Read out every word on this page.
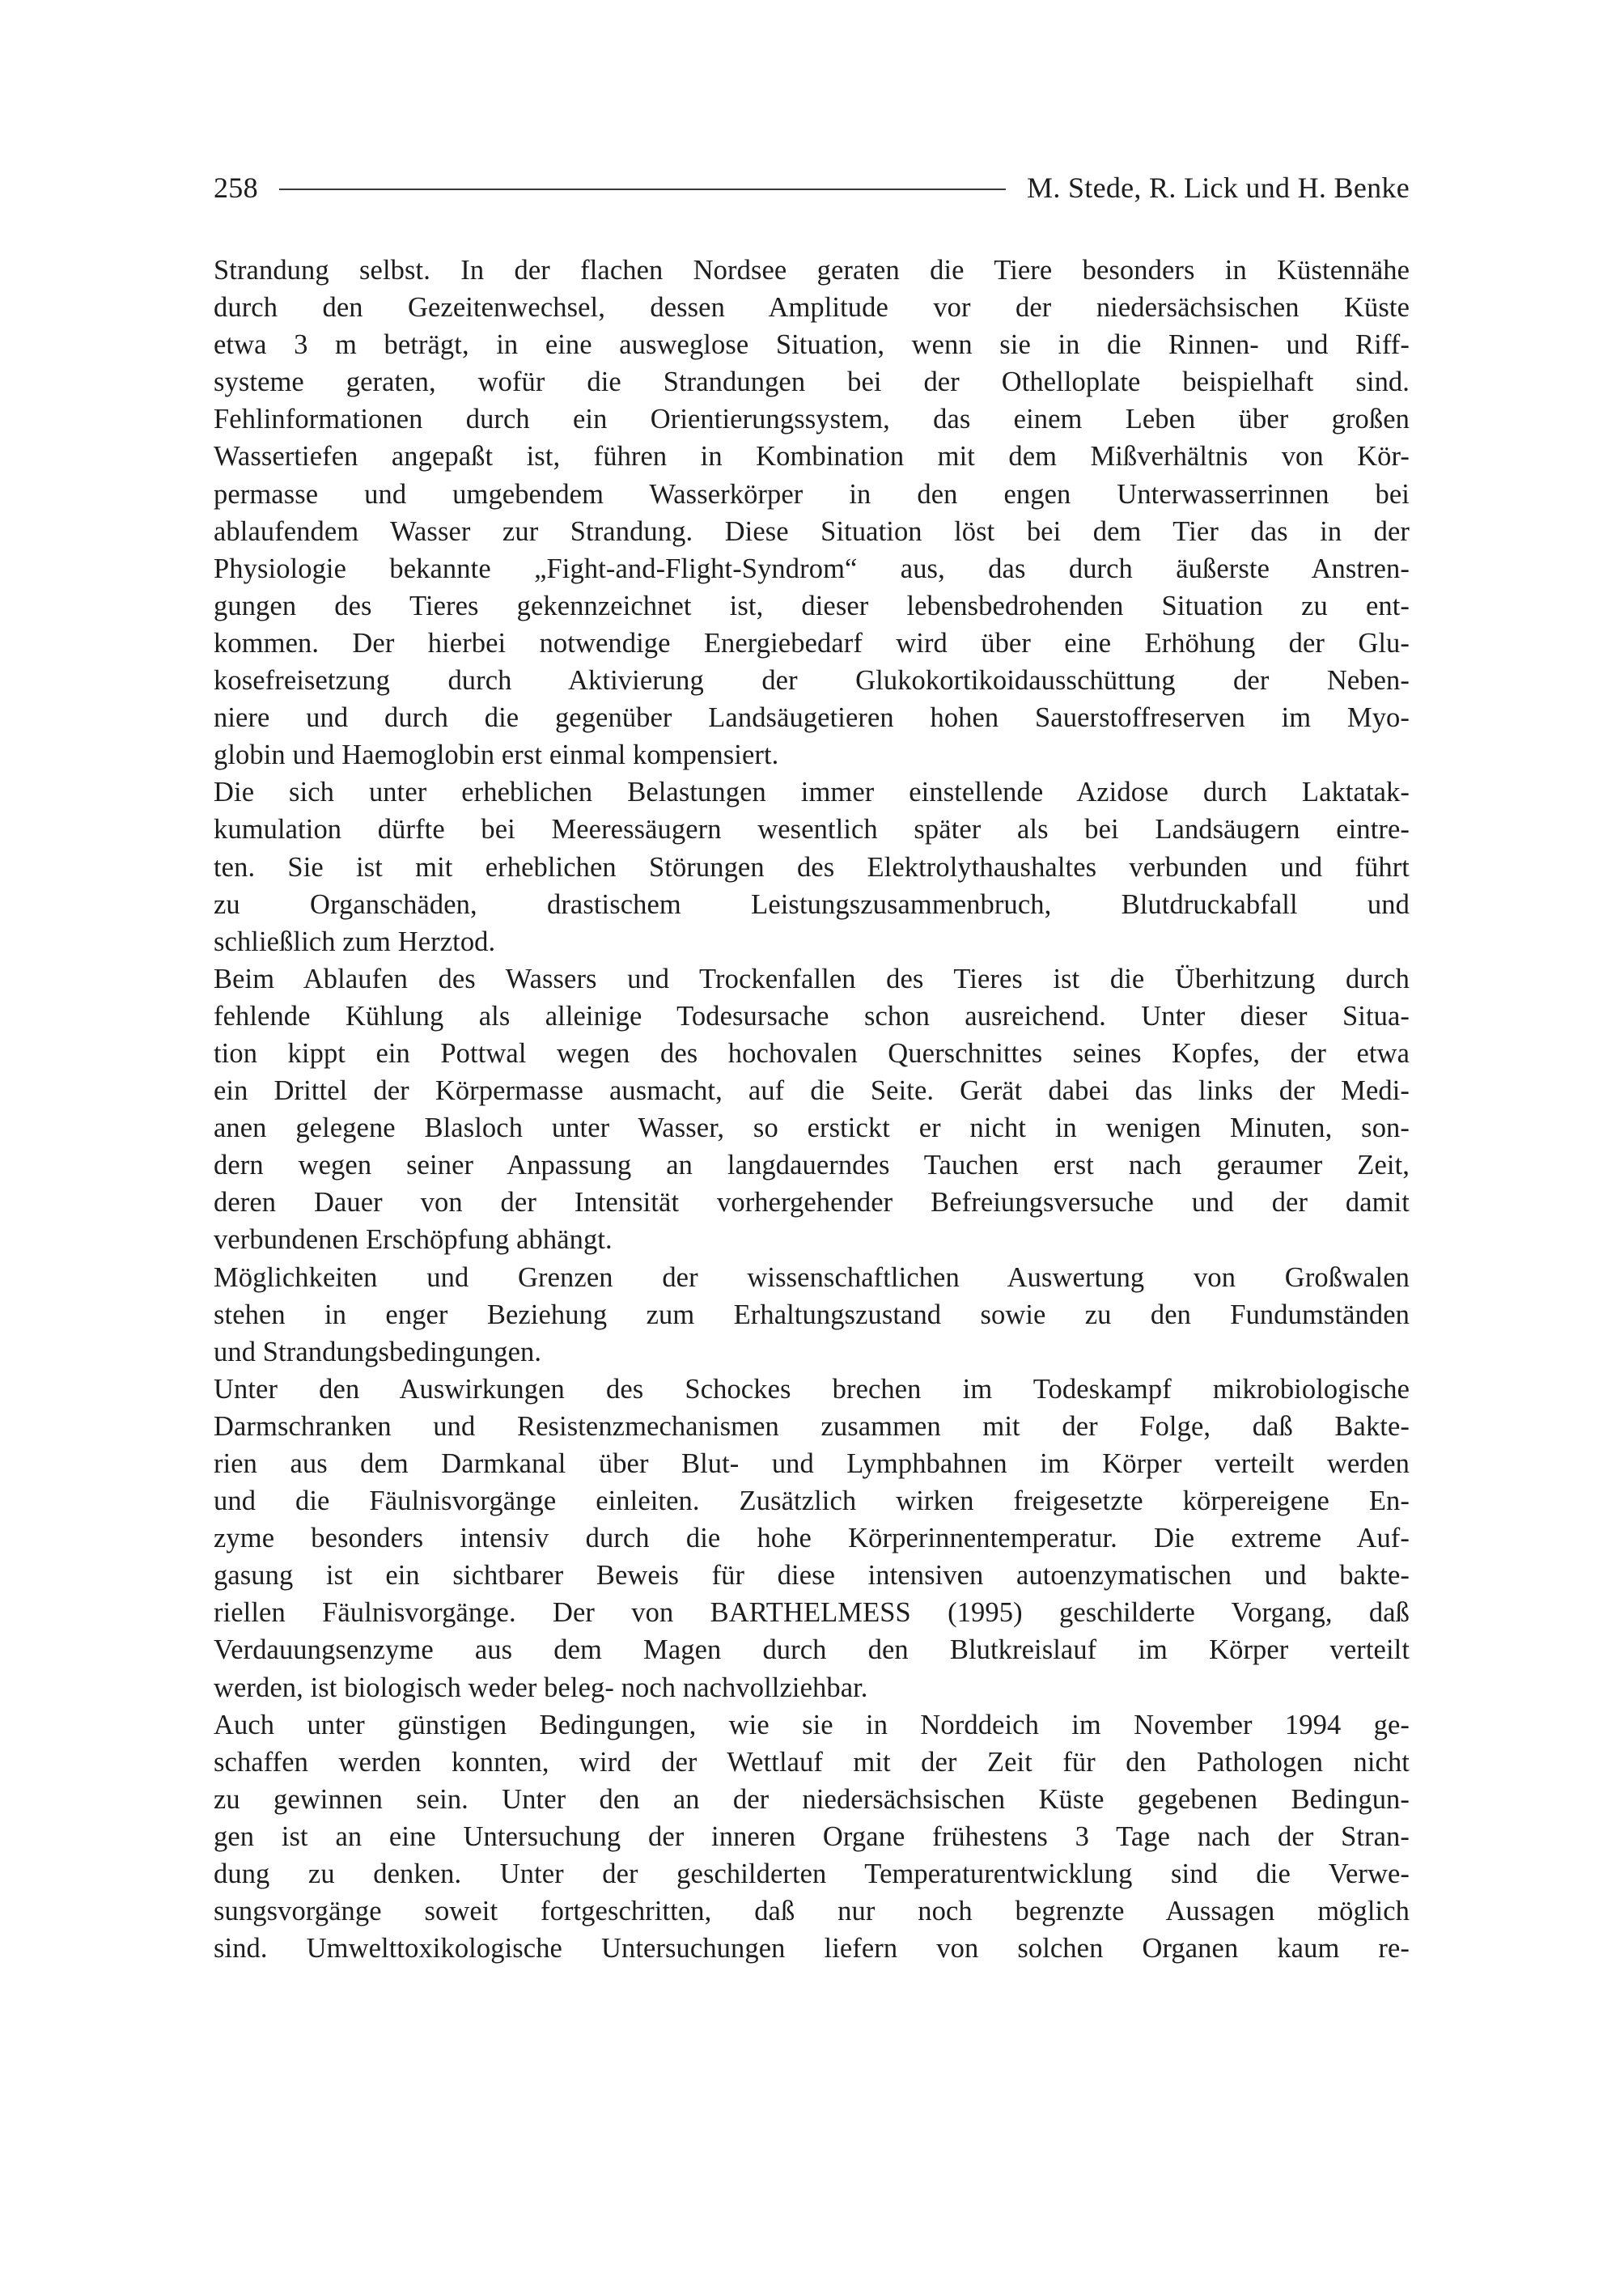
258	M. Stede, R. Lick und H. Benke
Strandung selbst. In der flachen Nordsee geraten die Tiere besonders in Küstennähe
durch den Gezeitenwechsel, dessen Amplitude vor der niedersächsischen Küste
etwa 3 m beträgt, in eine ausweglose Situation, wenn sie in die Rinnen- und Riff-
systeme geraten, wofür die Strandungen bei der Othelloplate beispielhaft sind.
Fehlinformationen durch ein Orientierungssystem, das einem Leben über großen
Wassertiefen angepaßt ist, führen in Kombination mit dem Mißverhältnis von Kör-
permasse und umgebendem Wasserkörper in den engen Unterwasserrinnen bei
ablaufendem Wasser zur Strandung. Diese Situation löst bei dem Tier das in der
Physiologie bekannte „Fight-and-Flight-Syndrom“ aus, das durch äußerste Anstren-
gungen des Tieres gekennzeichnet ist, dieser lebensbedrohenden Situation zu ent-
kommen. Der hierbei notwendige Energiebedarf wird über eine Erhöhung der Glu-
kosefreisetzung durch Aktivierung der Glukokortikoidausschüttung der Neben-
niere und durch die gegenüber Landsäugetieren hohen Sauerstoffreserven im Myo-
globin und Haemoglobin erst einmal kompensiert.
Die sich unter erheblichen Belastungen immer einstellende Azidose durch Laktatak-
kumulation dürfte bei Meeressäugern wesentlich später als bei Landsäugern eintre-
ten. Sie ist mit erheblichen Störungen des Elektrolythaushaltes verbunden und führt
zu Organschäden, drastischem Leistungszusammenbruch, Blutdruckabfall und
schließlich zum Herztod.
Beim Ablaufen des Wassers und Trockenfallen des Tieres ist die Überhitzung durch
fehlende Kühlung als alleinige Todesursache schon ausreichend. Unter dieser Situa-
tion kippt ein Pottwal wegen des hochovalen Querschnittes seines Kopfes, der etwa
ein Drittel der Körpermasse ausmacht, auf die Seite. Gerät dabei das links der Medi-
anen gelegene Blasloch unter Wasser, so erstickt er nicht in wenigen Minuten, son-
dern wegen seiner Anpassung an langdauerndes Tauchen erst nach geraumer Zeit,
deren Dauer von der Intensität vorhergehender Befreiungsversuche und der damit
verbundenen Erschöpfung abhängt.
Möglichkeiten und Grenzen der wissenschaftlichen Auswertung von Großwalen
stehen in enger Beziehung zum Erhaltungszustand sowie zu den Fundumständen
und Strandungsbedingungen.
Unter den Auswirkungen des Schockes brechen im Todeskampf mikrobiologische
Darmschranken und Resistenzmechanismen zusammen mit der Folge, daß Bakte-
rien aus dem Darmkanal über Blut- und Lymphbahnen im Körper verteilt werden
und die Fäulnisvorgänge einleiten. Zusätzlich wirken freigesetzte körpereigene En-
zyme besonders intensiv durch die hohe Körperinnentemperatur. Die extreme Auf-
gasung ist ein sichtbarer Beweis für diese intensiven autoenzymatischen und bakte-
riellen Fäulnisvorgänge. Der von BARTHELMESS (1995) geschilderte Vorgang, daß
Verdauungsenzyme aus dem Magen durch den Blutkreislauf im Körper verteilt
werden, ist biologisch weder beleg- noch nachvollziehbar.
Auch unter günstigen Bedingungen, wie sie in Norddeich im November 1994 ge-
schaffen werden konnten, wird der Wettlauf mit der Zeit für den Pathologen nicht
zu gewinnen sein. Unter den an der niedersächsischen Küste gegebenen Bedingun-
gen ist an eine Untersuchung der inneren Organe frühestens 3 Tage nach der Stran-
dung zu denken. Unter der geschilderten Temperaturentwicklung sind die Verwe-
sungsvorgänge soweit fortgeschritten, daß nur noch begrenzte Aussagen möglich
sind. Umwelttoxikologische Untersuchungen liefern von solchen Organen kaum re-
